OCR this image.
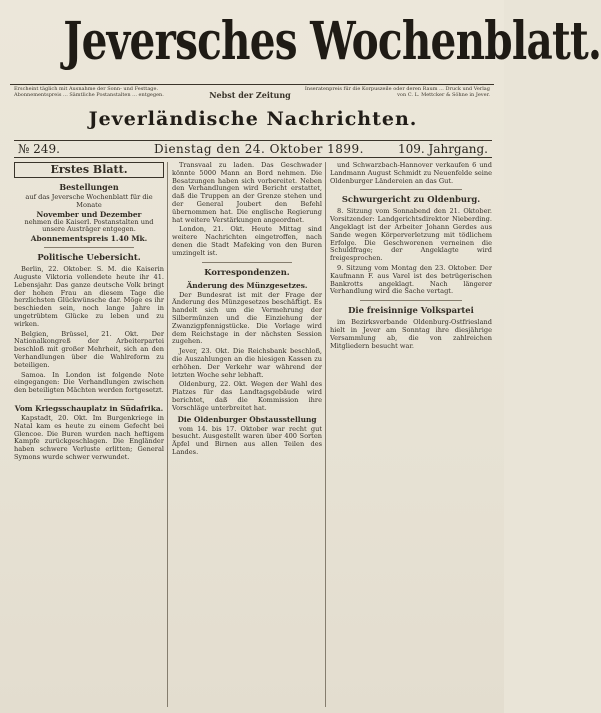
Jeversches Wochenblatt.
Erscheint täglich mit Ausnahme der Sonn- und Festtage. Abonnementspreis ... Sämtliche Postanstalten ... entgegen.	Nebst der Zeitung
Inseratenpreis für die Korpuszeile oder deren Raum ... Druck und Verlag von C. L. Mettcker & Söhne in Jever.
Jeverländische Nachrichten.
№ 249.	Dienstag den 24. Oktober 1899.	109. Jahrgang.
Erstes Blatt.
Bestellungen
auf das Jeversche Wochenblatt für die Monate
November und Dezember
nehmen die Kaiserl. Postanstalten und unsere Austräger entgegen.
Abonnementspreis 1.40 Mk.
Politische Uebersicht.

Berlin, 22. Oktober. S. M. die Kaiserin Auguste Viktoria vollendete heute ihr 41. Lebensjahr. Das ganze deutsche Volk bringt der hohen Frau an diesem Tage die herzlichsten Glückwünsche dar. Möge es ihr beschieden sein, noch lange Jahre in ungetrübtem Glücke zu leben und zu wirken.

Belgien, Brüssel, 21. Okt. Der Nationalkongreß der Arbeiterpartei beschloß mit großer Mehrheit, sich an den Verhandlungen über die Wahlreform zu beteiligen.

Samoa. In London ist folgende Note eingegangen: Die Verhandlungen zwischen den beteiligten Mächten werden fortgesetzt.

Vom Kriegsschauplatz in Südafrika.

Kapstadt, 20. Okt. Im Burgenkriege in Natal kam es heute zu einem Gefecht bei Glencoe. Die Buren wurden nach heftigem Kampfe zurückgeschlagen. Die Engländer haben schwere Verluste erlitten; General Symons wurde schwer verwundet.

Transvaal zu laden. Das Geschwader könnte 5000 Mann an Bord nehmen. Die Besatzungen haben sich vorbereitet. Neben den Verhandlungen wird Bericht erstattet, daß die Truppen an der Grenze stehen und der General Joubert den Befehl übernommen hat. Die englische Regierung hat weitere Verstärkungen angeordnet.

London, 21. Okt. Heute Mittag sind weitere Nachrichten eingetroffen, nach denen die Stadt Mafeking von den Buren umzingelt ist.

Korrespondenzen.
Änderung des Münzgesetzes.

Der Bundesrat ist mit der Frage der Änderung des Münzgesetzes beschäftigt. Es handelt sich um die Vermehrung der Silbermünzen und die Einziehung der Zwanzigpfennigstücke. Die Vorlage wird dem Reichstage in der nächsten Session zugehen.

Jever, 23. Okt. Die Reichsbank beschloß, die Auszahlungen an die hiesigen Kassen zu erhöhen. Der Verkehr war während der letzten Woche sehr lebhaft.

Oldenburg, 22. Okt. Wegen der Wahl des Platzes für das Landtagsgebäude wird berichtet, daß die Kommission ihre Vorschläge unterbreitet hat.

Die Oldenburger Obstausstellung

vom 14. bis 17. Oktober war recht gut besucht. Ausgestellt waren über 400 Sorten Äpfel und Birnen aus allen Teilen des Landes.

und Schwarzbach-Hannover verkaufen 6 und Landmann August Schmidt zu Neuenfelde seine Oldenburger Ländereien an das Gut.

Schwurgericht zu Oldenburg.

8. Sitzung vom Sonnabend den 21. Oktober. Vorsitzender: Landgerichtsdirektor Nieberding. Angeklagt ist der Arbeiter Johann Gerdes aus Sande wegen Körperverletzung mit tödlichem Erfolge. Die Geschworenen verneinen die Schuldfrage; der Angeklagte wird freigesprochen.

9. Sitzung vom Montag den 23. Oktober. Der Kaufmann F. aus Varel ist des betrügerischen Bankrotts angeklagt. Nach längerer Verhandlung wird die Sache vertagt.

Die freisinnige Volkspartei

im Bezirksverbande Oldenburg-Ostfriesland hielt in Jever am Sonntag ihre diesjährige Versammlung ab, die von zahlreichen Mitgliedern besucht war.
